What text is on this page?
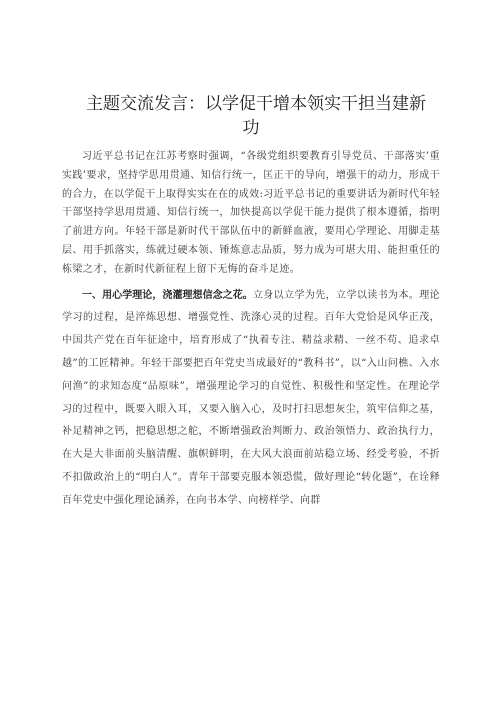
主题交流发言：以学促干增本领实干担当建新
功

习近平总书记在江苏考察时强调，“各级党组织要教育引导党员、干部落实’重实践’要求，坚持学思用贯通、知信行统一，匡正干的导向，增强干的动力，形成干的合力，在以学促干上取得实实在在的成效:习近平总书记的重要讲话为新时代年轻干部坚持学思用贯通、知信行统一，加快提高以学促干能力提供了根本遵循，指明了前进方向。年轻干部是新时代干部队伍中的新鲜血液，要用心学理论、用脚走基层、用手抓落实，练就过硬本领、锤炼意志品质，努力成为可堪大用、能担重任的栋梁之才，在新时代新征程上留下无悔的奋斗足迹。

一、用心学理论，浇灌理想信念之花。立身以立学为先，立学以读书为本。理论学习的过程，是淬炼思想、增强党性、洗涤心灵的过程。百年大党恰是风华正茂，中国共产党在百年征途中，培育形成了“执着专注、精益求精、一丝不苟、追求卓越”的工匠精神。年轻干部要把百年党史当成最好的“教科书”，以“入山问樵、入水问渔”的求知态度“品原味”，增强理论学习的自觉性、积极性和坚定性。在理论学习的过程中，既要入眼入耳，又要入脑入心，及时打扫思想灰尘，筑牢信仰之基，补足精神之钙，把稳思想之舵，不断增强政治判断力、政治领悟力、政治执行力，在大是大非面前头脑清醒、旗帜鲜明，在大风大浪面前站稳立场、经受考验，不折不扣做政治上的“明白人”。青年干部要克服本领恐慌，做好理论“转化题”，在诠释百年党史中强化理论涵养，在向书本学、向榜样学、向群
